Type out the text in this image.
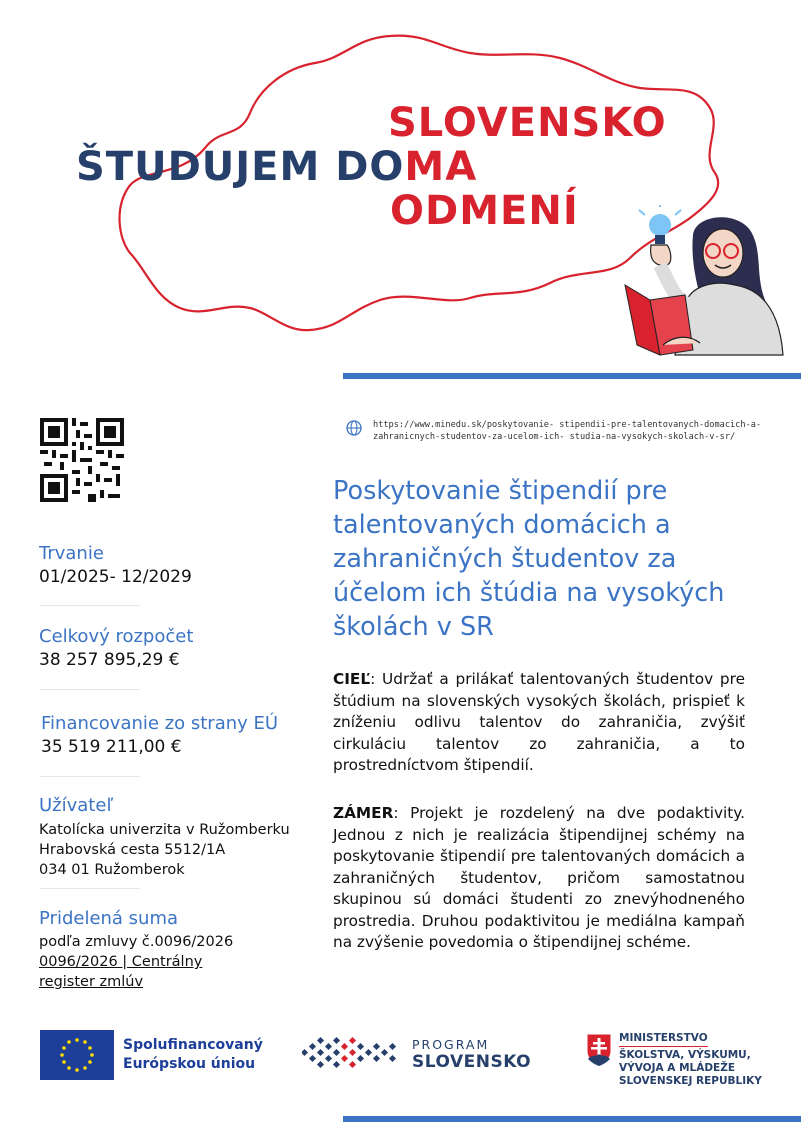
SLOVENSKO
ŠTUDUJEM DOMA
ODMENÍ
https://www.minedu.sk/poskytovanie- stipendii-pre-talentovanych-domacich-a-
zahranicnych-studentov-za-ucelom-ich- studia-na-vysokych-skolach-v-sr/
Trvanie
01/2025- 12/2029
Celkový rozpočet
38 257 895,29 €
Financovanie zo strany EÚ
35 519 211,00 €
Užívateľ
Katolícka univerzita v Ružomberku
Hrabovská cesta 5512/1A
034 01 Ružomberok
Pridelená suma
podľa zmluvy č.0096/2026
0096/2026 | Centrálny
register zmlúv
Poskytovanie štipendií pre talentovaných domácich a zahraničných študentov za účelom ich štúdia na vysokých školách v SR
CIEĽ: Udržať a prilákať talentovaných študentov pre štúdium na slovenských vysokých školách, prispieť k zníženiu odlivu talentov do zahraničia, zvýšiť cirkuláciu talentov zo zahraničia, a to prostredníctvom štipendií.
ZÁMER: Projekt je rozdelený na dve podaktivity. Jednou z nich je realizácia štipendijnej schémy na poskytovanie štipendií pre talentovaných domácich a zahraničných študentov, pričom samostatnou skupinou sú domáci študenti zo znevýhodneného prostredia. Druhou podaktivitou je mediálna kampaň na zvýšenie povedomia o štipendijnej schéme.
Spolufinancovaný
Európskou úniou
PROGRAM
SLOVENSKO
MINISTERSTVO
ŠKOLSTVA, VÝSKUMU,
VÝVOJA A MLÁDEŽE
SLOVENSKEJ REPUBLIKY
